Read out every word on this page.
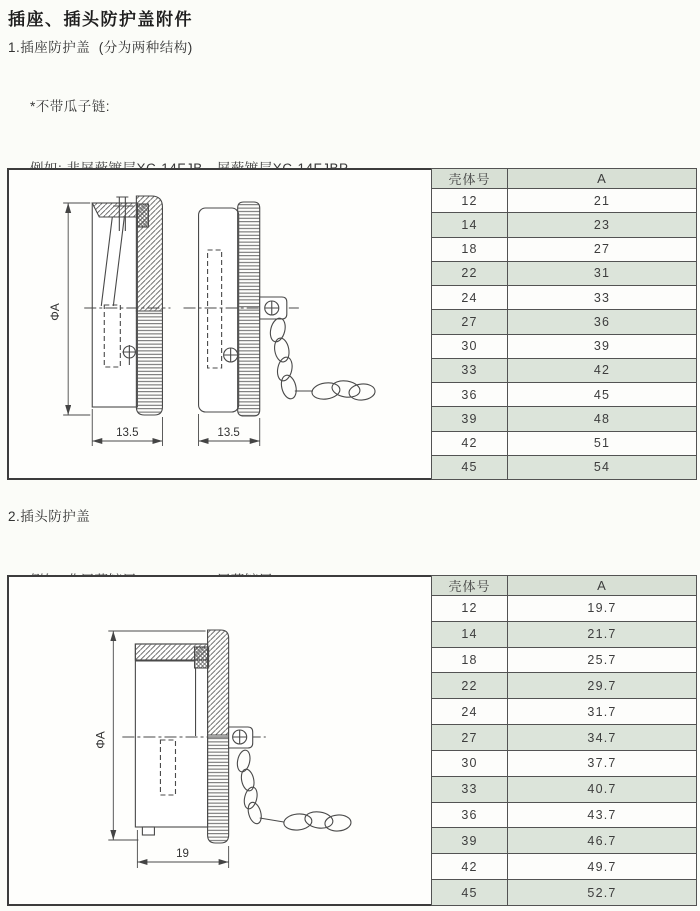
插座、插头防护盖附件
1.插座防护盖  (分为两种结构)

*不带瓜子链:

ΦA
13.5	13.5
壳体号	A
12	21
14	23
18	27
22	31
24	33
27	36
30	39
33	42
36	45
39	48
42	51
45	54
2.插头防护盖

ΦA
19
壳体号	A
12	19.7
14	21.7
18	25.7
22	29.7
24	31.7
27	34.7
30	37.7
33	40.7
36	43.7
39	46.7
42	49.7
45	52.7
